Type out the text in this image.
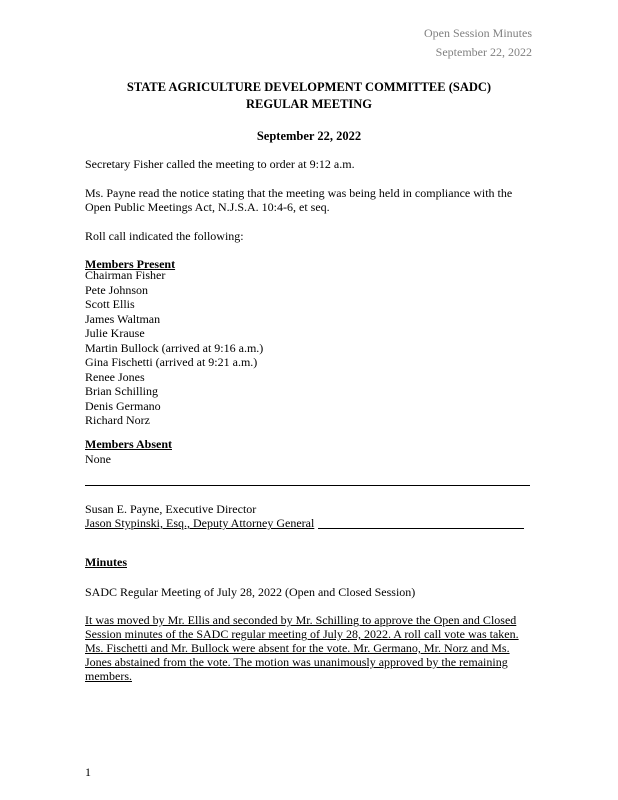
Open Session Minutes
September 22, 2022
STATE AGRICULTURE DEVELOPMENT COMMITTEE (SADC)
REGULAR MEETING
September 22, 2022
Secretary Fisher called the meeting to order at 9:12 a.m.
Ms. Payne read the notice stating that the meeting was being held in compliance with the
Open Public Meetings Act, N.J.S.A. 10:4-6, et seq.
Roll call indicated the following:
Members Present
Chairman Fisher
Pete Johnson
Scott Ellis
James Waltman
Julie Krause
Martin Bullock (arrived at 9:16 a.m.)
Gina Fischetti (arrived at 9:21 a.m.)
Renee Jones
Brian Schilling
Denis Germano
Richard Norz
Members Absent
None
Susan E. Payne, Executive Director
Jason Stypinski, Esq., Deputy Attorney General
Minutes
SADC Regular Meeting of July 28, 2022 (Open and Closed Session)
It was moved by Mr. Ellis and seconded by Mr. Schilling to approve the Open and Closed
Session minutes of the SADC regular meeting of July 28, 2022. A roll call vote was taken.
Ms. Fischetti and Mr. Bullock were absent for the vote. Mr. Germano, Mr. Norz and Ms.
Jones abstained from the vote. The motion was unanimously approved by the remaining
members.
1
